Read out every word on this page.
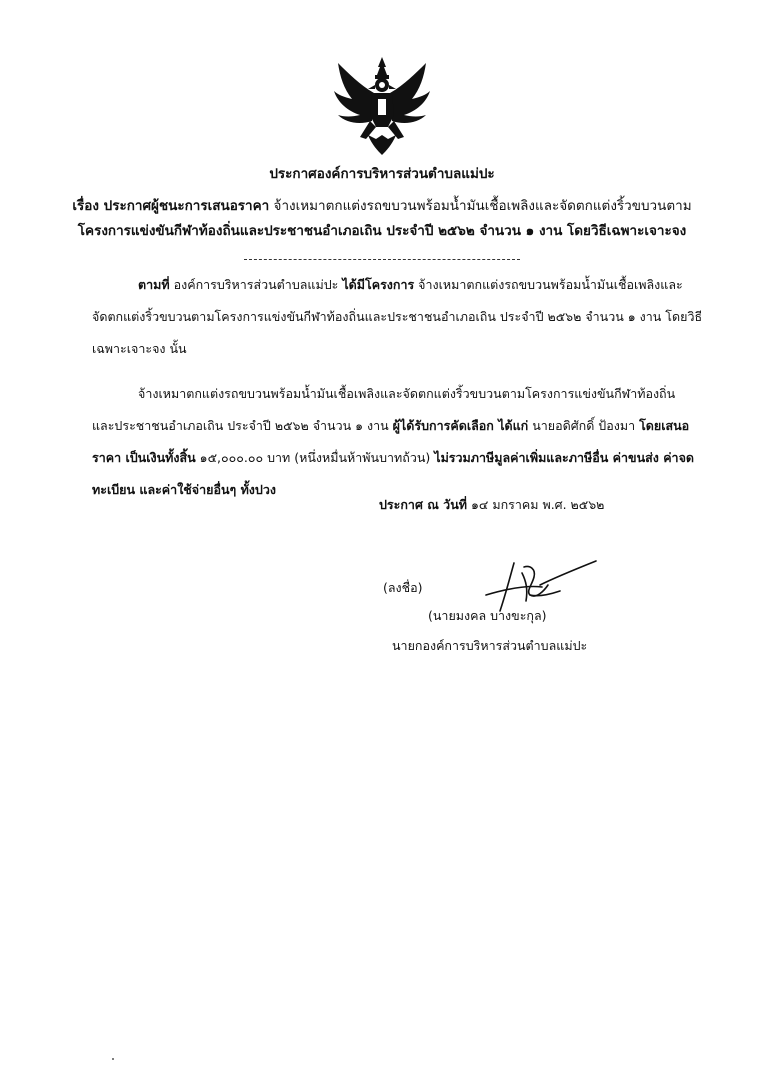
ประกาศองค์การบริหารส่วนตำบลแม่ปะ
เรื่อง ประกาศผู้ชนะการเสนอราคา จ้างเหมาตกแต่งรถขบวนพร้อมน้ำมันเชื้อเพลิงและจัดตกแต่งริ้วขบวนตาม
โครงการแข่งขันกีฬาท้องถิ่นและประชาชนอำเภอเถิน ประจำปี ๒๕๖๒ จำนวน ๑ งาน โดยวิธีเฉพาะเจาะจง
ตามที่ องค์การบริหารส่วนตำบลแม่ปะ ได้มีโครงการ จ้างเหมาตกแต่งรถขบวนพร้อมน้ำมันเชื้อเพลิงและ
จัดตกแต่งริ้วขบวนตามโครงการแข่งขันกีฬาท้องถิ่นและประชาชนอำเภอเถิน ประจำปี ๒๕๖๒ จำนวน ๑ งาน โดยวิธี
เฉพาะเจาะจง นั้น
จ้างเหมาตกแต่งรถขบวนพร้อมน้ำมันเชื้อเพลิงและจัดตกแต่งริ้วขบวนตามโครงการแข่งขันกีฬาท้องถิ่น
และประชาชนอำเภอเถิน ประจำปี ๒๕๖๒ จำนวน ๑ งาน ผู้ได้รับการคัดเลือก ได้แก่ นายอดิศักดิ์ ป้องมา โดยเสนอ
ราคา เป็นเงินทั้งสิ้น ๑๕,๐๐๐.๐๐ บาท (หนึ่งหมื่นห้าพันบาทถ้วน) ไม่รวมภาษีมูลค่าเพิ่มและภาษีอื่น ค่าขนส่ง ค่าจด
ทะเบียน และค่าใช้จ่ายอื่นๆ ทั้งปวง
ประกาศ ณ วันที่ ๑๔ มกราคม พ.ศ. ๒๕๖๒
(ลงชื่อ)
(นายมงคล บางขะกุล)
นายกองค์การบริหารส่วนตำบลแม่ปะ
